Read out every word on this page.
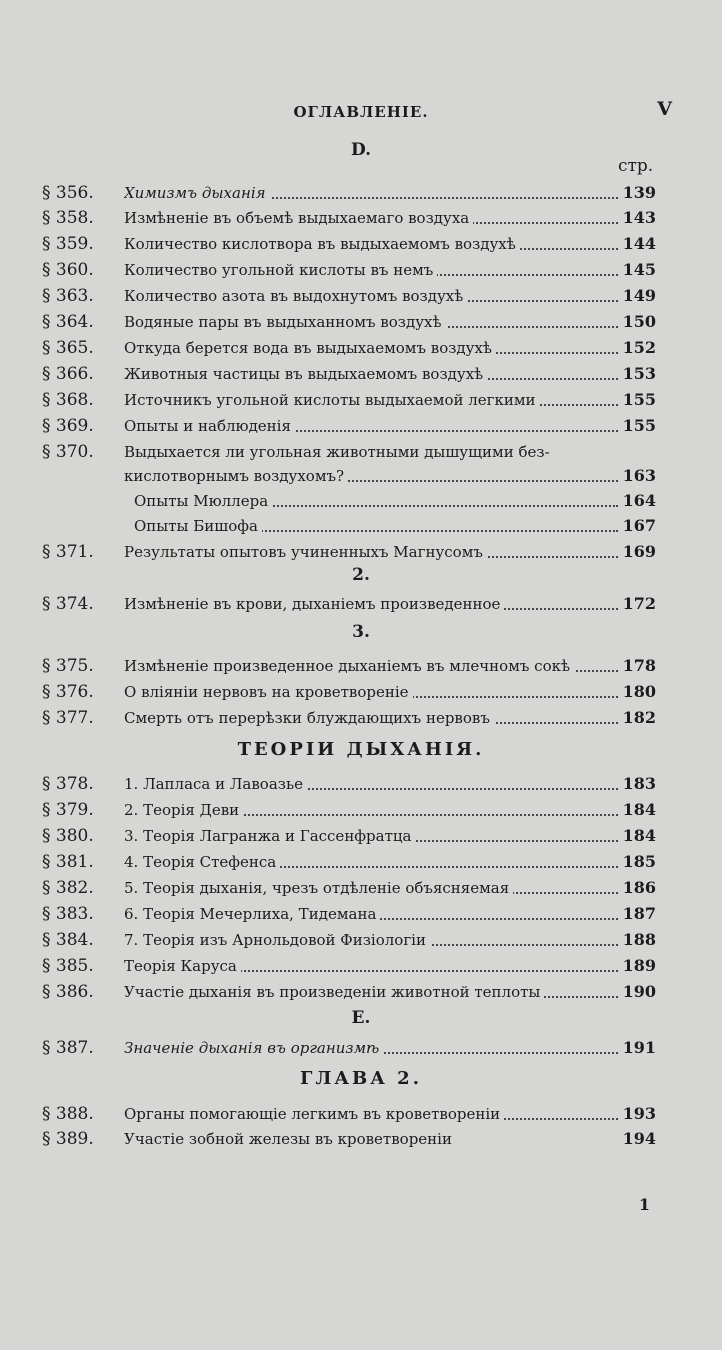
ОГЛАВЛЕНІЕ.	V
D.
стр.
§ 356. Химизмъ дыханія	139
§ 358. Измѣненіе въ объемѣ выдыхаемаго воздуха	143
§ 359. Количество кислотвора въ выдыхаемомъ воздухѣ	144
§ 360. Количество угольной кислоты въ немъ	145
§ 363. Количество азота въ выдохнутомъ воздухѣ	149
§ 364. Водяные пары въ выдыханномъ воздухѣ	150
§ 365. Откуда берется вода въ выдыхаемомъ воздухѣ	152
§ 366. Животныя частицы въ выдыхаемомъ воздухѣ	153
§ 368. Источникъ угольной кислоты выдыхаемой легкими	155
§ 369. Опыты и наблюденія	155
§ 370. Выдыхается ли угольная животными дышущими без-
кислотворнымъ воздухомъ?	163
Опыты Мюллера	164
Опыты Бишофа	167
§ 371. Результаты опытовъ учиненныхъ Магнусомъ	169
2.
§ 374. Измѣненіе въ крови, дыханіемъ произведенное	172
3.
§ 375. Измѣненіе произведенное дыханіемъ въ млечномъ сокѣ	178
§ 376. О вліяніи нервовъ на кроветвореніе	180
§ 377. Смерть отъ перерѣзки блуждающихъ нервовъ	182
ТЕОРІИ ДЫХАНІЯ.
§ 378. 1. Лапласа и Лавоазье	183
§ 379. 2. Теорія Деви	184
§ 380. 3. Теорія Лагранжа и Гассенфратца	184
§ 381. 4. Теорія Стефенса	185
§ 382. 5. Теорія дыханія, чрезъ отдѣленіе объясняемая	186
§ 383. 6. Теорія Мечерлиха, Тидемана	187
§ 384. 7. Теорія изъ Арнольдовой Физіологіи	188
§ 385. Теорія Каруса	189
§ 386. Участіе дыханія въ произведеніи животной теплоты	190
E.
§ 387. Значеніе дыханія въ организмѣ	191
ГЛАВА 2.
§ 388. Органы помогающіе легкимъ въ кроветвореніи	193
§ 389. Участіе зобной железы въ кроветвореніи	194
1
